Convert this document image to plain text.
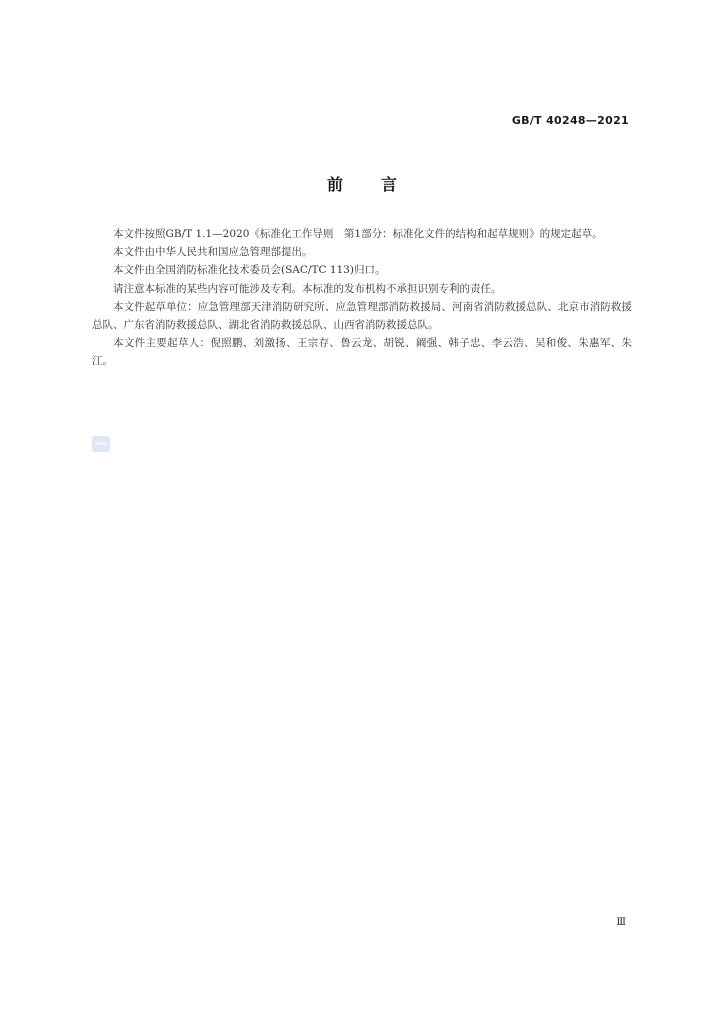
GB/T 40248—2021
前言

本文件按照GB/T 1.1—2020《标准化工作导则　第1部分：标准化文件的结构和起草规则》的规定起草。

本文件由中华人民共和国应急管理部提出。

本文件由全国消防标准化技术委员会(SAC/TC 113)归口。

请注意本标准的某些内容可能涉及专利。本标准的发布机构不承担识别专利的责任。

本文件起草单位：应急管理部天津消防研究所、应急管理部消防救援局、河南省消防救援总队、北京市消防救援总队、广东省消防救援总队、湖北省消防救援总队、山西省消防救援总队。

本文件主要起草人：倪照鹏、刘激扬、王宗存、鲁云龙、胡锐、阚强、韩子忠、李云浩、吴和俊、朱惠军、朱江。

Ⅲ
